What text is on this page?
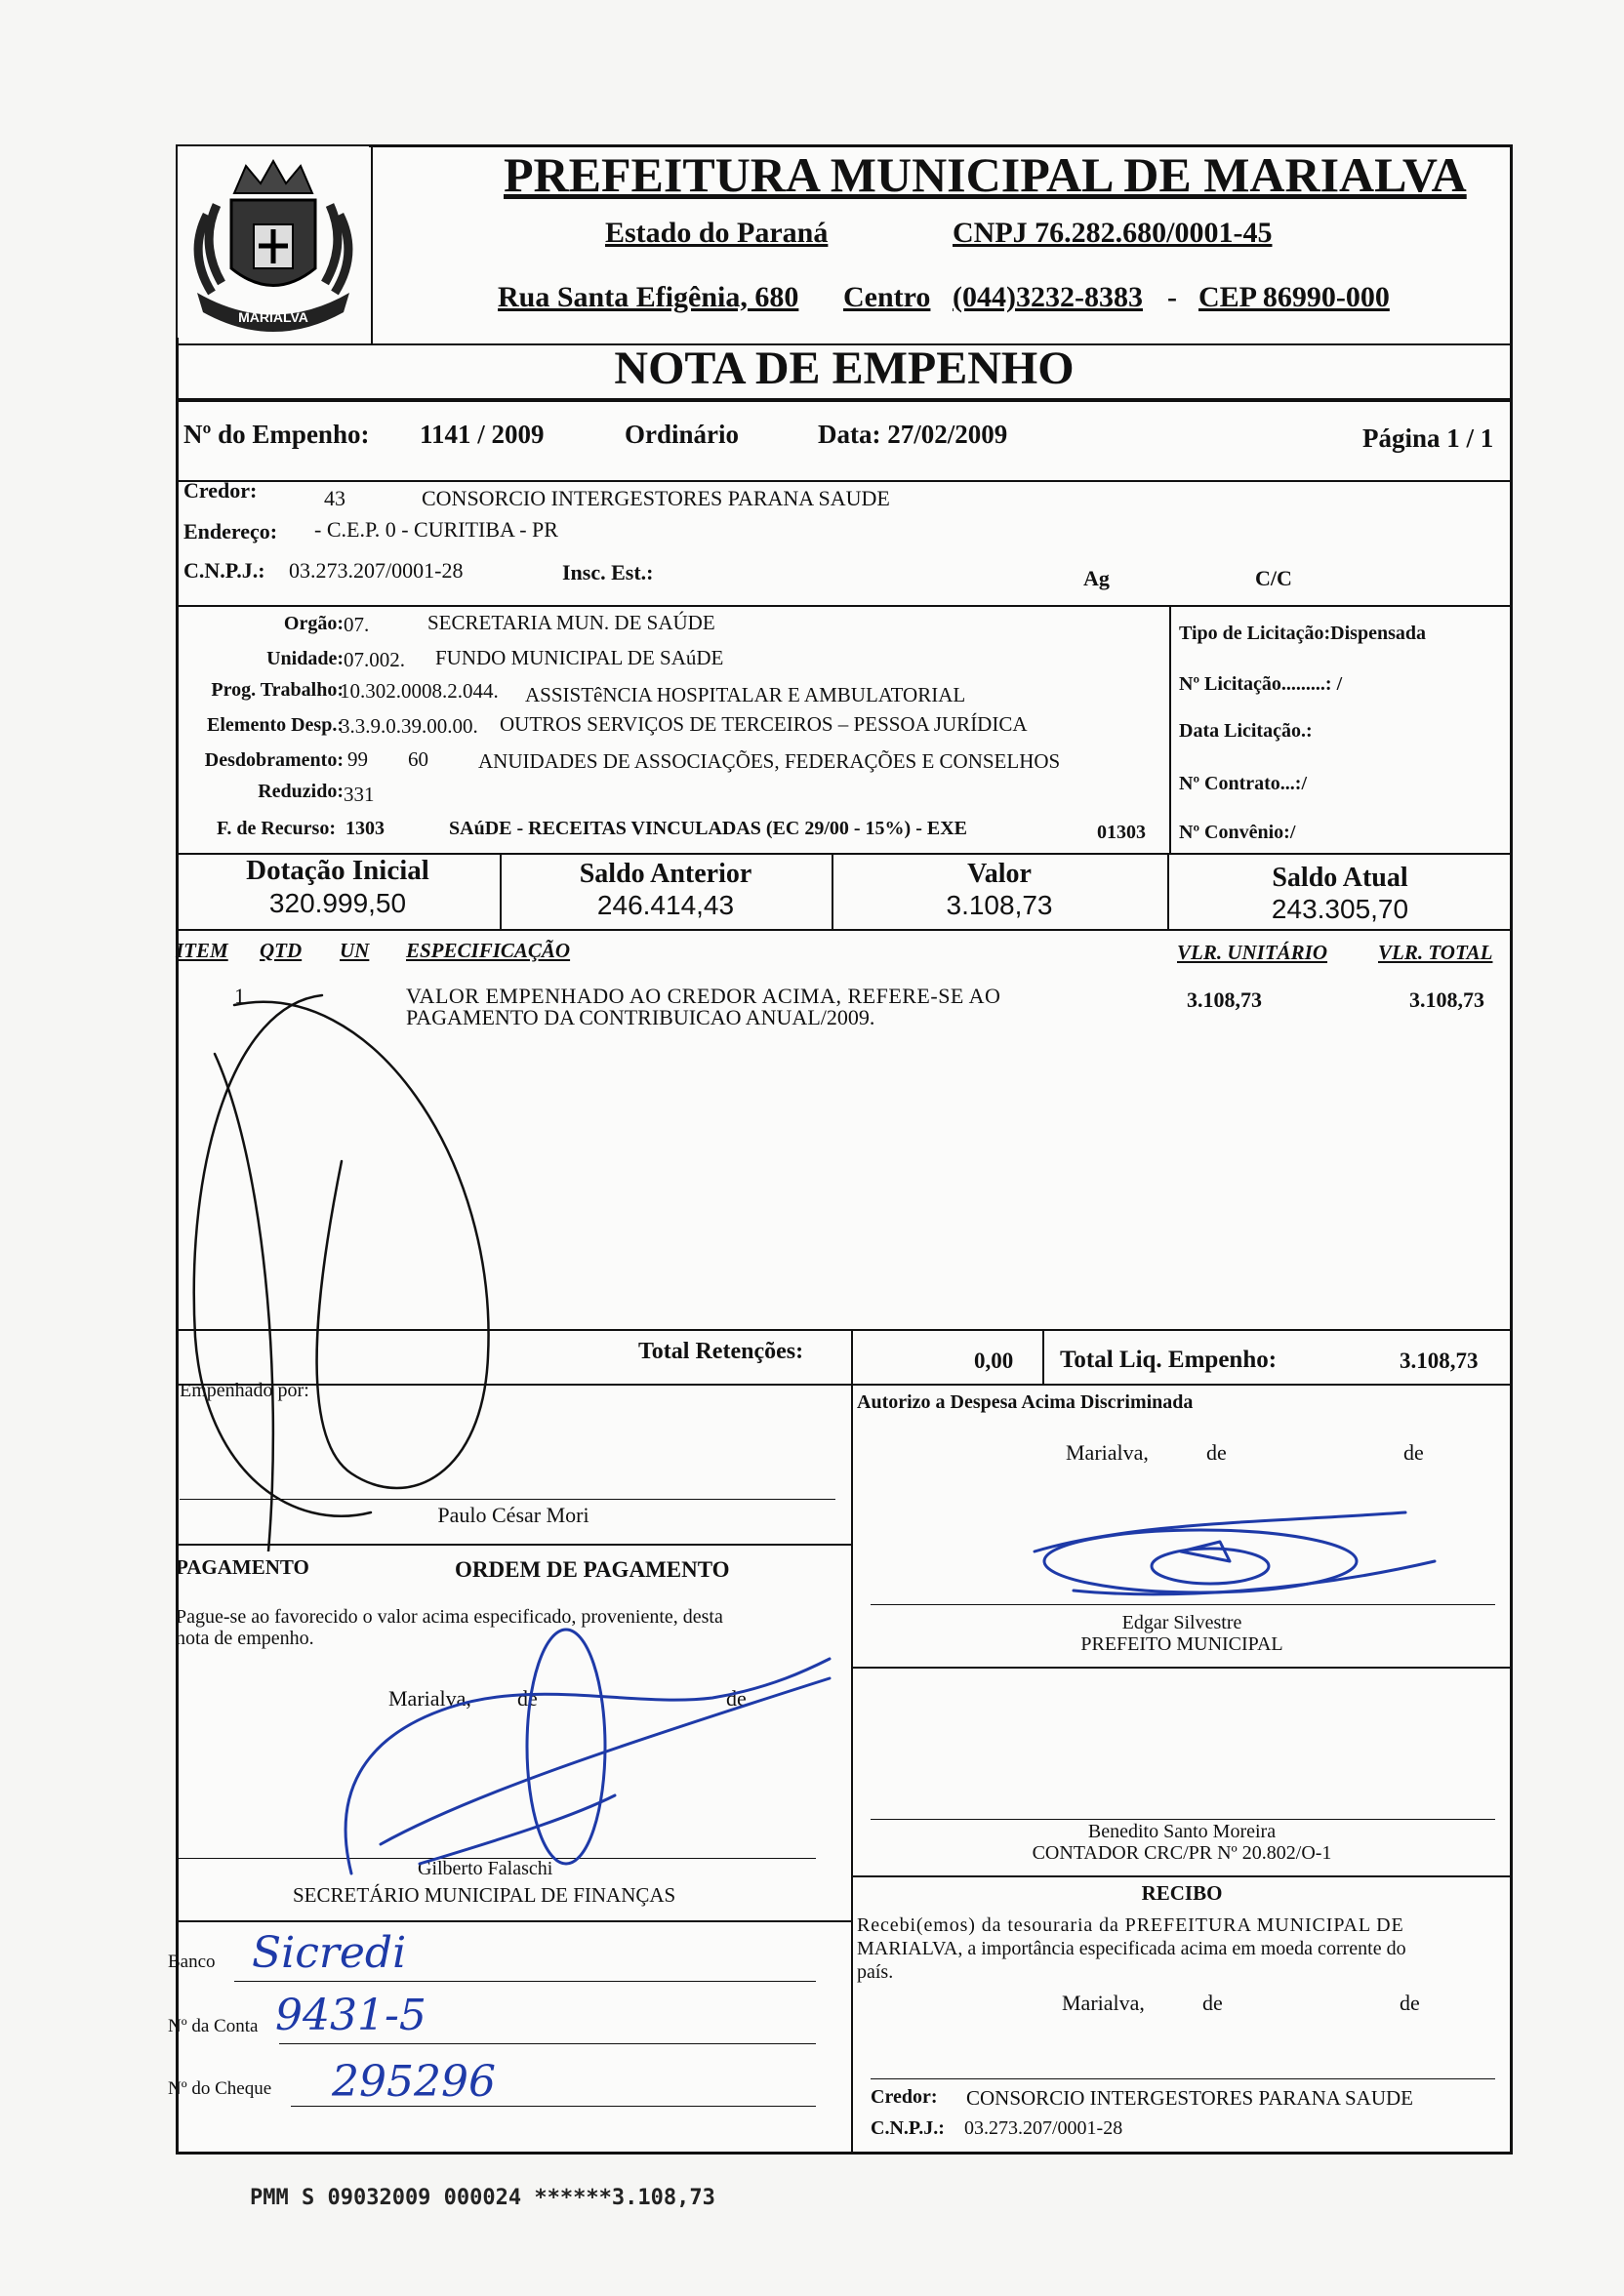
MARIALVA
PREFEITURA MUNICIPAL DE MARIALVA
Estado do Paraná	CNPJ 76.282.680/0001-45
Rua Santa Efigênia, 680 Centro (044)3232-8383 - CEP 86990-000
NOTA DE EMPENHO
Nº do Empenho: 1141 / 2009	Ordinário	Data: 27/02/2009	Página 1 / 1
Credor:	43	CONSORCIO INTERGESTORES PARANA SAUDE
Endereço: - C.E.P. 0 - CURITIBA - PR
C.N.P.J.: 03.273.207/0001-28	Insc. Est.:	Ag	C/C
Orgão: 07.	SECRETARIA MUN. DE SAÚDE
Unidade: 07.002. FUNDO MUNICIPAL DE SAúDE
Prog. Trabalho:
10.302.0008.2.044. ASSISTêNCIA HOSPITALAR E AMBULATORIAL
Elemento Desp.:
3.3.9.0.39.00.00. OUTROS SERVIÇOS DE TERCEIROS – PESSOA JURÍDICA
Desdobramento: 99 60 ANUIDADES DE ASSOCIAÇÕES, FEDERAÇÕES E CONSELHOS
Reduzido: 331
F. de Recurso: 1303	SAúDE - RECEITAS VINCULADAS (EC 29/00 - 15%) - EXE	01303
Tipo de Licitação:Dispensada
Nº Licitação.........: /
Data Licitação.:
Nº Contrato...:/
Nº Convênio:/
Dotação Inicial
320.999,50
Saldo Anterior
246.414,43
Valor
3.108,73
Saldo Atual
243.305,70
ITEM QTD UN ESPECIFICAÇÃO	VLR. UNITÁRIO VLR. TOTAL
1	VALOR EMPENHADO AO CREDOR ACIMA, REFERE-SE AO
PAGAMENTO DA CONTRIBUICAO ANUAL/2009.
3.108,73	3.108,73
Total Retenções:	0,00 Total Liq. Empenho:	3.108,73
Empenhado por:
Paulo César Mori
Autorizo a Despesa Acima Discriminada
Marialva,	de	de
Edgar Silvestre
PREFEITO MUNICIPAL
PAGAMENTO	ORDEM DE PAGAMENTO
Pague-se ao favorecido o valor acima especificado, proveniente, desta
nota de empenho.
Marialva, de	de
Gilberto Falaschi
SECRETÁRIO MUNICIPAL DE FINANÇAS
Banco Sicredi
Nº da Conta 9431-5
Nº do Cheque 295296
Benedito Santo Moreira
CONTADOR CRC/PR Nº 20.802/O-1
RECIBO
Recebi(emos) da tesouraria da PREFEITURA MUNICIPAL DE
MARIALVA, a importância especificada acima em moeda corrente do
país.
Marialva,	de	de
Credor: CONSORCIO INTERGESTORES PARANA SAUDE
C.N.P.J.: 03.273.207/0001-28
PMM S 09032009 000024 ******3.108,73
